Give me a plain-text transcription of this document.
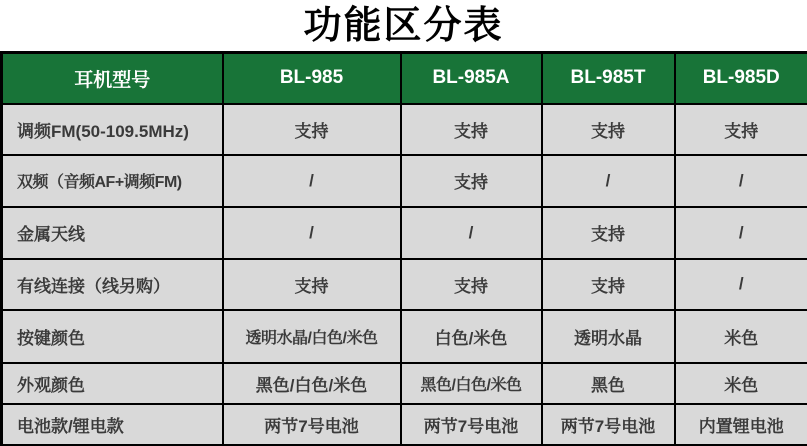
功能区分表
耳机型号	BL-985	BL-985A	BL-985T	BL-985D
调频FM(50-109.5MHz)	支持	支持	支持	支持
双频（音频AF+调频FM)	/	支持	/	/
金属天线	/	/	支持	/
有线连接（线另购）	支持	支持	支持	/
按键颜色	透明水晶/白色/米色	白色/米色	透明水晶	米色
外观颜色	黑色/白色/米色	黑色/白色/米色	黑色	米色
电池款/锂电款	两节7号电池	两节7号电池	两节7号电池	内置锂电池
